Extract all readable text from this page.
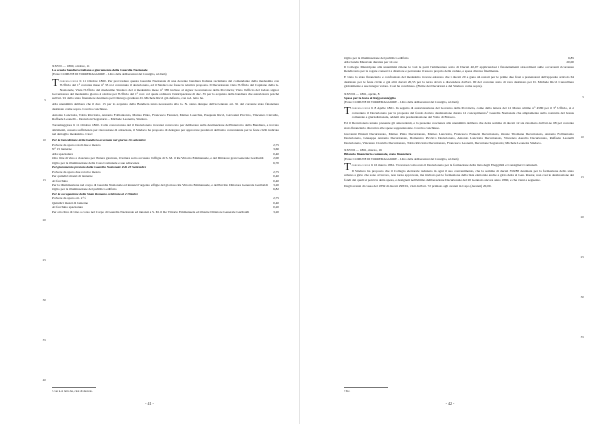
XXVII — 1860, ottobre, 11
La scuola bandiera italiana e giuramento della Guardia Nazionale
(Fonte: COMUNE DI TORREMAGGIORE – Libro delle deliberazioni del Consiglio, ad diem)

Torremaggiore li 11 Ottobre 1860. Per provvedere questa Guardia Nazionale di una decente bandiera Italiana reclamata dal comandante della medesima con l'Ufficio del 1° corrente mese n° 33 si è convenuto il decurionato, ed il Sindaco ne fosse la relativa proposta. Il Decurionato visto l'Ufficio del Capitano della G. Nazionale, Vista l'Ufficio del medesimo Sindaco del 4 medesimo mese n° 385 incluso al signor Governatore della Provincia; Visto l'ufficio del lodato signor Governatore del medesimo giorno 4 ottobre per l'Ufficio del 1° corr. col quale ordinava l'anticipazione di duc. 35 per lo acquisto della bandiera che autorizzava poiché sull'art. 91 dello stato finanziere destinato pel Chirurgo graduato D. Michele Ricci già defunto, con n.d. letto ha.

Alla unanimità delibera che il duc. 15 per lo acquisto della Bandiera tanto necessaria alla G. N. siano dunque dall'accennato art. 91 del corrente stato finanziere destinato come sopra. Così ha conchiuso.

Antonio Lanciotta, Tobia Ricciotta, Antonio Folliantonio, Matteo Pinto, Francesco Fanuzzi, Matteo Laerchia, Pasquale Ricci, Giovanni Piccirro, Vincenzo Ciavullo, Raffaele Leonelli – Decurioni Segretario – Michele Leonetta, Sindaco.

Torremaggiore li 11 Ottobre 1860. Colla concorrenza del il Decurionato trovansi convocato per deliberare sulla destinazione dell'interrotto della Bandiera, e trovato altrimenti, cessata sufficienza per riscossione di attrezzate, il Sindaco ha proposto di delegare per approvare predatori dell'esito conveniente per le feste civili indicate nel dettaglio medesimo. Cioè:

Per la benedizione della bandiera avvenuta nel giorno 16 settembre
Polvere da sparo rotoli due e mezzo	2,75
N° 15 lanterne	3,60
Alla spazzatura	0,40
Otto litre di vino a ciascuno per l'intera giornata, il lettura sotto accusato l'effigie di S. M. il Re Vittorio Emmanuele, e del Dittatore gran Generale Garibaldi	2,00
Oglio per la illuminazione della Casa Comunale e sue adiacenze	6,70
Pel giuramento prestato dalla Guardia Nazionale il di 23 Settembre
Polvere da sparo due rotoli e mezzo	2,75
Per quindici mazzi di lanterne	0,40
Al facchino	0,40
Per la illuminazione nel corpo di Guardia Nazionale ed innanzi l'argento effigie del glorioso Re Vittorio Emmanuele, e dell'invitto Dittatore Generale Garibaldi	3,20
Oglio per la illuminazione del pubblico edifizio	6,82
Per la occupazione della Stato Romano celebrata al 2 Ottobre
Polvere da sparo ott. 2 ½	2,75
Quindici mazzi di lanterne	0,40
Al facchino spazzature	0,20
Per otto litre di vino a corso nel Corpo di Guardia Nazionale ed innanzi a S. M. il Re Vittorio Emmanuele ed illustre Dittatore Generale Garibaldi	3,20
¹ con n.d. letto ha, cioè di decreto.
- 41 -
5
10
15
20
25
30
35
40
Oglio per la illuminazione del pubblico edifizio	6,85
Alla banda Musicale durante per 14 ore	20,00

Il Collegio Municipale alla unanimità ritiene le voti le parti l'ammontare sotto di Ducati 40,97 applicandosi i finanziamenti straordinari sulle occorrenti ricorrenze Rendiconto per la rogate conservi a direttore e pervenute il tesoro proprio della cadute, e spesa diversa finalmente.

E visto lo stato finanziario e confrontato del medesimo trovare esistono che i ducati 20 e gana 44 restati per le prime due frasi a pretensioni dell'apposite articolo 64 destinato per le feste civile e già altri ducati 20,53 per la terza dovrà a discendere dall'art. 90 del corrente stato di vera destinato per D. Michele Ricci Cancelliere globalmente e sue integre valore. Così ha conchiuso. (Firme dei Decurioni e del Sindaco come sopra).

XXVIII — 1861, aprile, 8
Spese per la festa al Re(garante)glio
(Fonte: COMUNE DI TORREMAGGIORE – Libro delle deliberazioni del Consiglio, ad diem)

Torremaggiore li 8 Aprile 1861. In seguito di autorizzazione del Governo della Provincia, come dalla lettera del 12 Marzo ultimo n° 4580 per il 3° Ufficio, si è convenuto il Decurionato per la proposta del fondo dovuto destinazione durata 12 concepimento.¹ Guardia Nazionale che ampiamente sulla costruita del bonus comunale e giurisdizionale, addetti alla predestinazione del Volto di Briosco.

Ed il Decurionato tenuto presente gli antecedenti, e la presente coscienza alla unanimità delibera che detta somma di ducati 12 sia rinomato dall'art.no 68 pel corrente stato finanziario discarica alle spese sopprennotate. Così ha conchiuso.

Giovanni Pinzuti Decurionato, Matteo Pinto Decurionato, Matteo Lanciotta, Francesco Fanuzzi Decurionato, Oreste Titomane Decurionato, Antonio Folliantonio Decurionato, Giuseppe Antonio Decurionato, Domenico Piccirro Decurionato, Antonio Lanciotta Decurionato, Vincenzo Aurelio Decurionato, Raffaele Leonelli Decurionato, Vincenzo Ciavullo Decurionato, Tobia Ricciotta Decurionato, Francesco Leonetti, Decurione Segretario; Michele Leonetta Sindaco.

XXVIII — 1861, marzo, 16
Bilancio finanziario comunale, stato finanziere
(Fonte: COMUNE DI TORREMAGGIORE – Libro delle deliberazioni del Consiglio, ad diem)

Torremaggiore li 16 marzo 1861. Trovatosi convocato il Decurionato per la formazione della lista degli Eleggibili e Consiglieri Comunali.

Il Sindaco ha proposto che il Collegio elettorale radunato in ogni il suo convenimento, che la somma di ducati 359/88 destinata per la formazione dello stato urbano a girio che sono al lavoro, non torna approvata, ma invitato pei le formazione della lista elettorale anche a girio detta al Gen. Rastor, non cosi le destinazione dei fondi dai quali si potrà la detta spesa, e designati nell'ultimo deliberazione Decurionale del 20 Gennaio ancora anno 1860, e che vieni e seguente.

Dagli avanzi di cassa del 1859 di ducati 298/01, visti dall'art. 72 primato agli avanzi in Capo (Avanzi) 20,00.

¹ Sic.
- 42 -
5
10
15
20
25
30
35
